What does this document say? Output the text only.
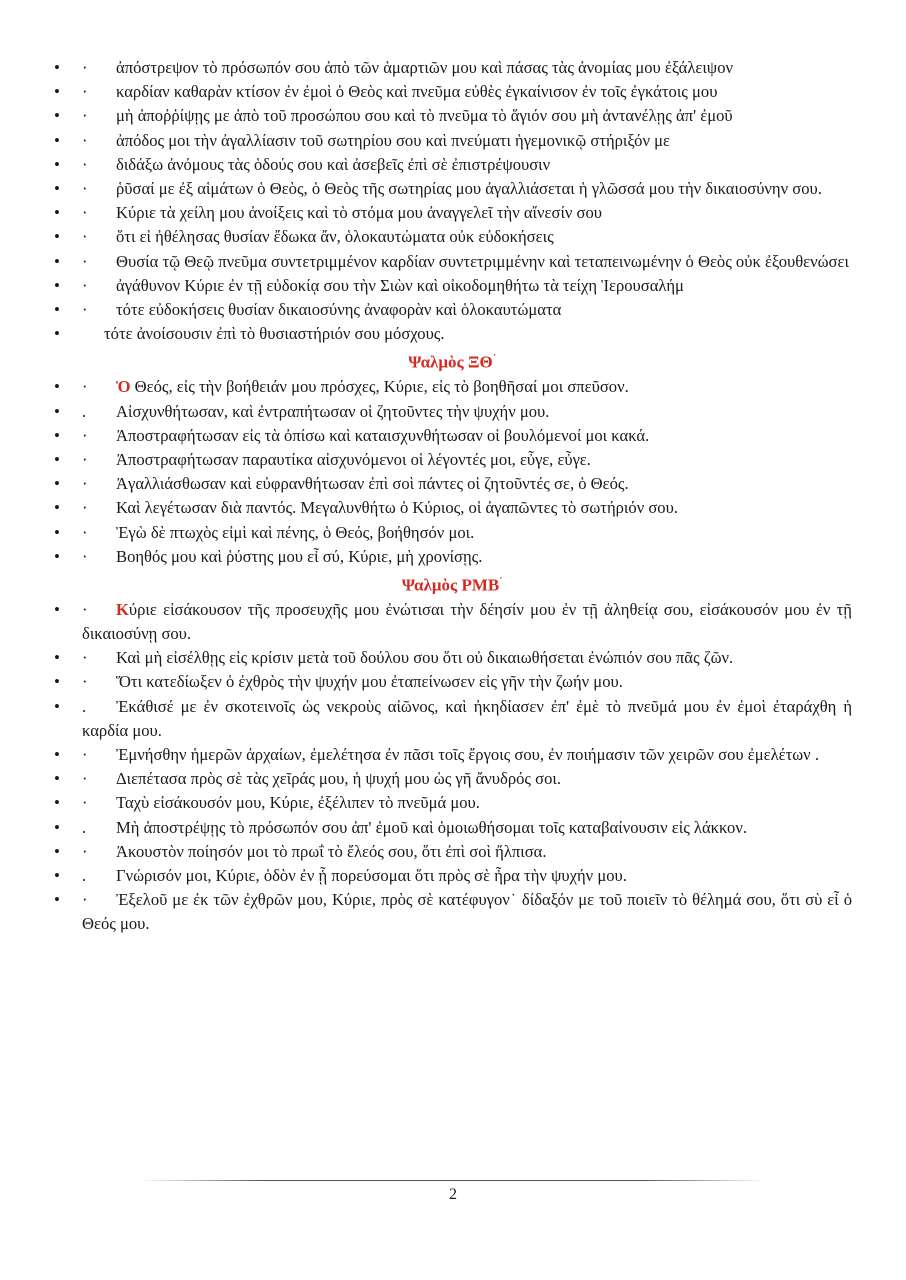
• · ἀπόστρεψον τὸ πρόσωπόν σου ἀπὸ τῶν ἁμαρτιῶν μου καὶ πάσας τὰς ἀνομίας μου ἐξάλειψον
• · καρδίαν καθαρὰν κτίσον ἐν ἐμοὶ ὁ Θεὸς καὶ πνεῦμα εὐθὲς ἐγκαίνισον ἐν τοῖς ἐγκάτοις μου
• · μὴ ἀποῤῥίψῃς με ἀπὸ τοῦ προσώπου σου καὶ τὸ πνεῦμα τὸ ἅγιόν σου μὴ ἀντανέλῃς ἀπ' ἐμοῦ
• · ἀπόδος μοι τὴν ἀγαλλίασιν τοῦ σωτηρίου σου καὶ πνεύματι ἡγεμονικῷ στήριξόν με
• · διδάξω ἀνόμους τὰς ὁδούς σου καὶ ἀσεβεῖς ἐπὶ σὲ ἐπιστρέψουσιν
• · ῥῦσαί με ἐξ αἱμάτων ὁ Θεὸς, ὁ Θεὸς τῆς σωτηρίας μου ἀγαλλιάσεται ἡ γλῶσσά μου τὴν δικαιοσύνην σου.
• · Κύριε τὰ χείλη μου ἀνοίξεις καὶ τὸ στόμα μου ἀναγγελεῖ τὴν αἴνεσίν σου
• · ὅτι εἰ ἠθέλησας θυσίαν ἔδωκα ἄν, ὁλοκαυτώματα οὐκ εὐδοκήσεις
• · Θυσία τῷ Θεῷ πνεῦμα συντετριμμένον καρδίαν συντετριμμένην καὶ τεταπεινωμένην ὁ Θεὸς οὐκ ἐξουθενώσει
• · ἀγάθυνον Κύριε ἐν τῇ εὐδοκίᾳ σου τὴν Σιὼν καὶ οἰκοδομηθήτω τὰ τείχη Ἱερουσαλήμ
• · τότε εὐδοκήσεις θυσίαν δικαιοσύνης ἀναφορὰν καὶ ὁλοκαυτώματα
• τότε ἀνοίσουσιν ἐπὶ τὸ θυσιαστήριόν σου μόσχους.

Ψαλμὸς ΞΘ΄

• · Ὁ Θεός, εἰς τὴν βοήθειάν μου πρόσχες, Κύριε, εἰς τὸ βοηθῆσαί μοι σπεῦσον.
• . Αἰσχυνθήτωσαν, καὶ ἐντραπήτωσαν οἱ ζητοῦντες τὴν ψυχήν μου.
• · Ἀποστραφήτωσαν εἰς τὰ ὀπίσω καὶ καταισχυνθήτωσαν οἱ βουλόμενοί μοι κακά.
• · Ἀποστραφήτωσαν παραυτίκα αἰσχυνόμενοι οἱ λέγοντές μοι, εὖγε, εὖγε.
• · Ἀγαλλιάσθωσαν καὶ εὐφρανθήτωσαν ἐπὶ σοὶ πάντες οἱ ζητοῦντές σε, ὁ Θεός.
• · Καὶ λεγέτωσαν διὰ παντός. Μεγαλυνθήτω ὁ Κύριος, οἱ ἀγαπῶντες τὸ σωτήριόν σου.
• · Ἐγὼ δὲ πτωχὸς εἰμὶ καὶ πένης, ὁ Θεός, βοήθησόν μοι.
• · Βοηθός μου καὶ ῥύστης μου εἶ σύ, Κύριε, μὴ χρονίσῃς.

Ψαλμὸς ΡΜΒ΄

• · Κύριε εἰσάκουσον τῆς προσευχῆς μου ἐνώτισαι τὴν δέησίν μου ἐν τῇ ἀληθείᾳ σου, εἰσάκουσόν μου ἐν τῇ δικαιοσύνῃ σου.
• · Καὶ μὴ εἰσέλθῃς εἰς κρίσιν μετὰ τοῦ δούλου σου ὅτι οὐ δικαιωθήσεται ἐνώπιόν σου πᾶς ζῶν.
• · Ὅτι κατεδίωξεν ὁ ἐχθρὸς τὴν ψυχήν μου ἐταπείνωσεν εἰς γῆν τὴν ζωήν μου.
• . Ἐκάθισέ με ἐν σκοτεινοῖς ὡς νεκροὺς αἰῶνος, καὶ ἠκηδίασεν ἐπ' ἐμὲ τὸ πνεῦμά μου ἐν ἐμοὶ ἐταράχθη ἡ καρδία μου.
• · Ἐμνήσθην ἡμερῶν ἀρχαίων, ἐμελέτησα ἐν πᾶσι τοῖς ἔργοις σου, ἐν ποιήμασιν τῶν χειρῶν σου ἐμελέτων .
• · Διεπέτασα πρὸς σὲ τὰς χεῖράς μου, ἡ ψυχή μου ὡς γῆ ἄνυδρός σοι.
• · Ταχὺ εἰσάκουσόν μου, Κύριε, ἐξέλιπεν τὸ πνεῦμά μου.
• . Μὴ ἀποστρέψῃς τὸ πρόσωπόν σου ἀπ' ἐμοῦ καὶ ὁμοιωθήσομαι τοῖς καταβαίνουσιν εἰς λάκκον.
• · Ἀκουστὸν ποίησόν μοι τὸ πρωΐ τὸ ἔλεός σου, ὅτι ἐπὶ σοὶ ἤλπισα.
• . Γνώρισόν μοι, Κύριε, ὁδὸν ἐν ᾗ πορεύσομαι ὅτι πρὸς σὲ ἦρα τὴν ψυχήν μου.
• · Ἐξελοῦ με ἐκ τῶν ἐχθρῶν μου, Κύριε, πρὸς σὲ κατέφυγον˙ δίδαξόν με τοῦ ποιεῖν τὸ θέλημά σου, ὅτι σὺ εἶ ὁ Θεός μου.
2
